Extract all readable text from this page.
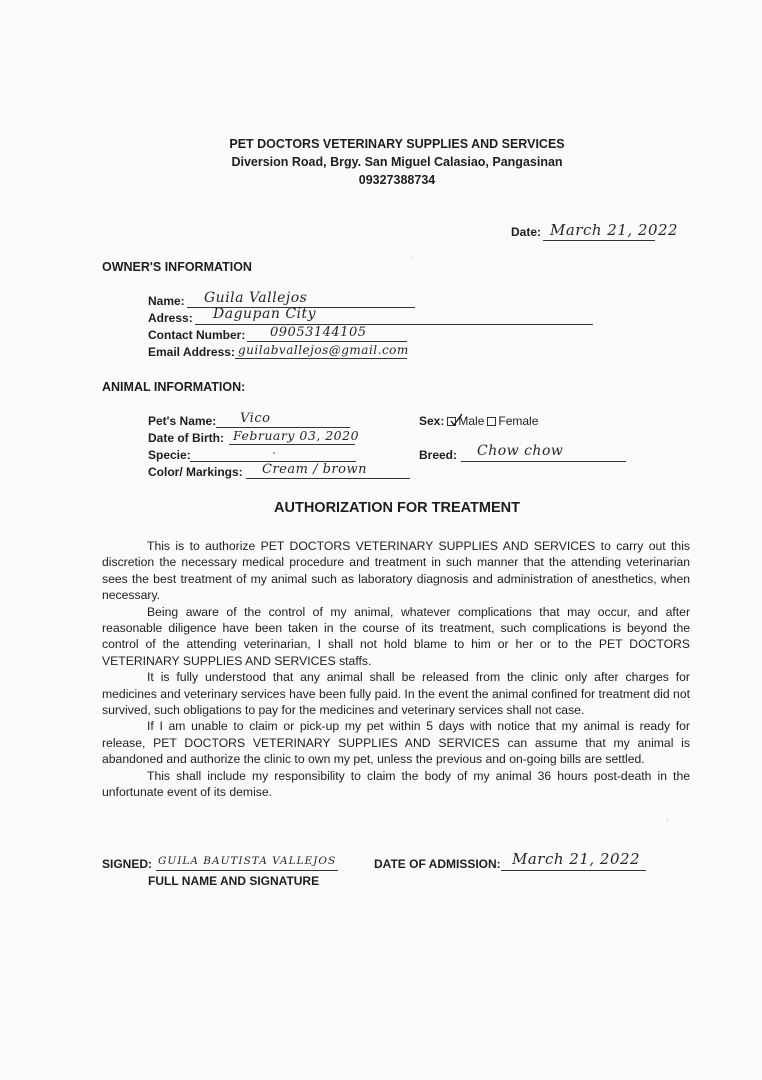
PET DOCTORS VETERINARY SUPPLIES AND SERVICES
Diversion Road, Brgy. San Miguel Calasiao, Pangasinan
09327388734
Date: March 21, 2022
OWNER'S INFORMATION
Name: Guila Vallejos
Adress: Dagupan City
Contact Number: 09053144105
Email Address: guilabvallejos@gmail.com
ANIMAL INFORMATION:
Pet's Name: Vico
Date of Birth: February 03, 2020
Specie:	·
Color/ Markings: Cream / brown
Sex: Male Female
Breed: Chow chow
AUTHORIZATION FOR TREATMENT

This is to authorize PET DOCTORS VETERINARY SUPPLIES AND SERVICES to carry out this discretion the necessary medical procedure and treatment in such manner that the attending veterinarian sees the best treatment of my animal such as laboratory diagnosis and administration of anesthetics, when necessary.

Being aware of the control of my animal, whatever complications that may occur, and after reasonable diligence have been taken in the course of its treatment, such complications is beyond the control of the attending veterinarian, I shall not hold blame to him or her or to the PET DOCTORS VETERINARY SUPPLIES AND SERVICES staffs.

It is fully understood that any animal shall be released from the clinic only after charges for medicines and veterinary services have been fully paid. In the event the animal confined for treatment did not survived, such obligations to pay for the medicines and veterinary services shall not case.

If I am unable to claim or pick-up my pet within 5 days with notice that my animal is ready for release, PET DOCTORS VETERINARY SUPPLIES AND SERVICES can assume that my animal is abandoned and authorize the clinic to own my pet, unless the previous and on-going bills are settled.

This shall include my responsibility to claim the body of my animal 36 hours post-death in the unfortunate event of its demise.

SIGNED: GUILA BAUTISTA VALLEJOS
FULL NAME AND SIGNATURE
DATE OF ADMISSION: March 21, 2022
·
,
